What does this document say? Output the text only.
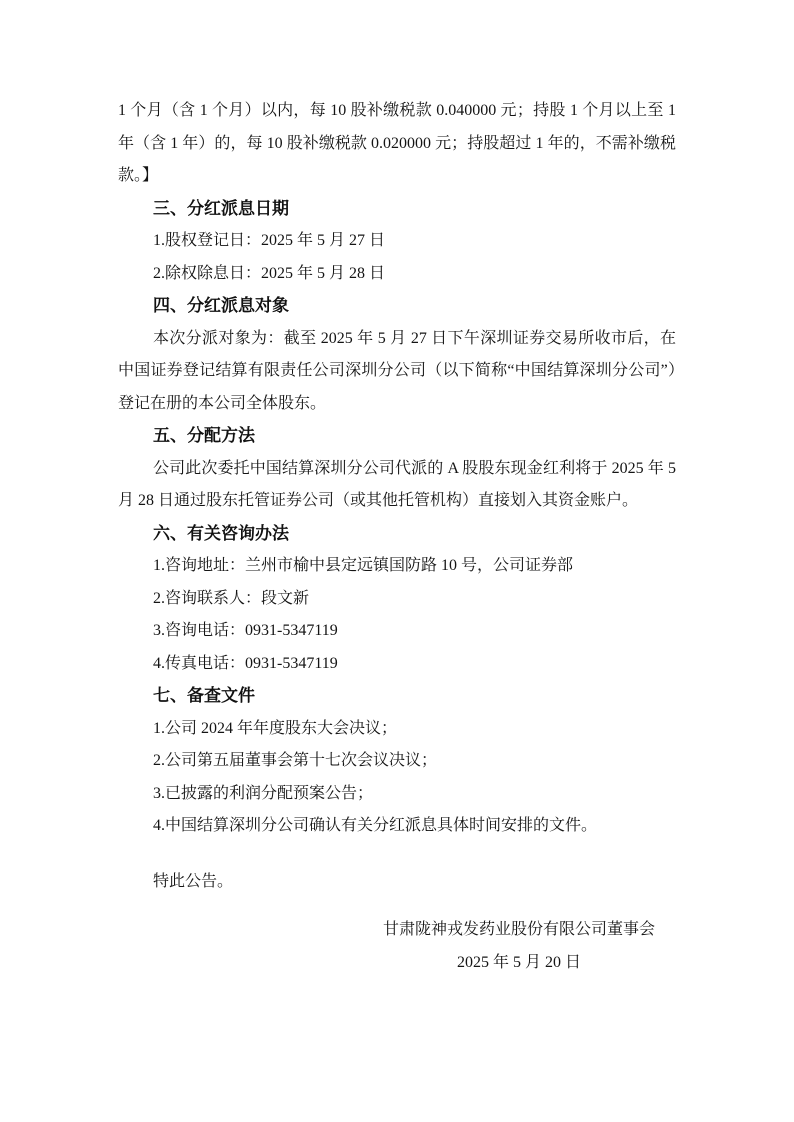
1 个月（含 1 个月）以内，每 10 股补缴税款 0.040000 元；持股 1 个月以上至 1 年（含 1 年）的，每 10 股补缴税款 0.020000 元；持股超过 1 年的，不需补缴税款。】

三、分红派息日期

1.股权登记日：2025 年 5 月 27 日

2.除权除息日：2025 年 5 月 28 日

四、分红派息对象

本次分派对象为：截至 2025 年 5 月 27 日下午深圳证券交易所收市后，在中国证券登记结算有限责任公司深圳分公司（以下简称“中国结算深圳分公司”）登记在册的本公司全体股东。

五、分配方法

公司此次委托中国结算深圳分公司代派的 A 股股东现金红利将于 2025 年 5 月 28 日通过股东托管证券公司（或其他托管机构）直接划入其资金账户。

六、有关咨询办法

1.咨询地址：兰州市榆中县定远镇国防路 10 号，公司证券部

2.咨询联系人：段文新

3.咨询电话：0931-5347119

4.传真电话：0931-5347119

七、备查文件

1.公司 2024 年年度股东大会决议；

2.公司第五届董事会第十七次会议决议；

3.已披露的利润分配预案公告；

4.中国结算深圳分公司确认有关分红派息具体时间安排的文件。

特此公告。

甘肃陇神戎发药业股份有限公司董事会
2025 年 5 月 20 日
